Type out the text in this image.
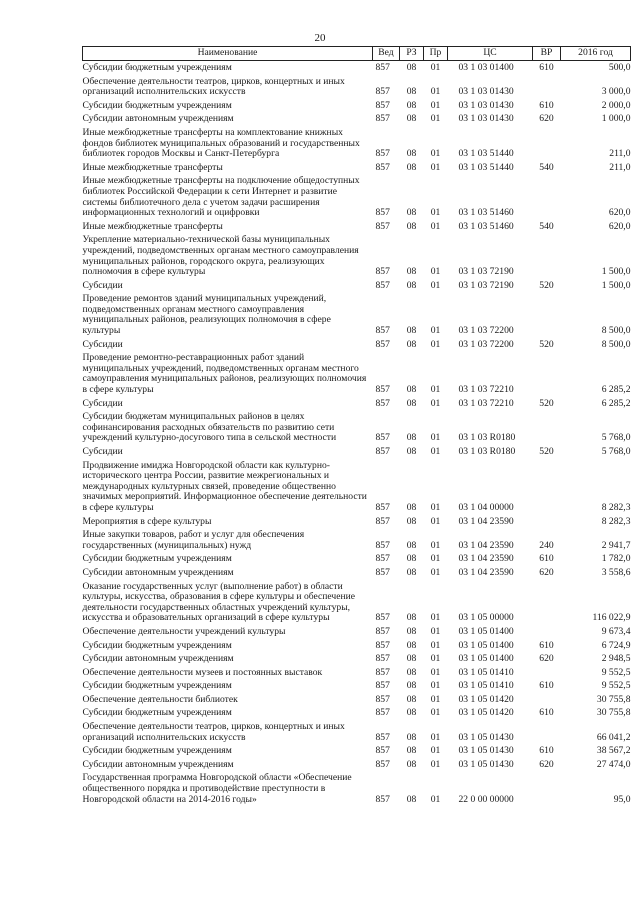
20
Наименование	Вед	РЗ	Пр	ЦС	ВР	2016 год
Субсидии бюджетным учреждениям	857	08	01	03 1 03 01400	610	500,0
Обеспечение деятельности театров, цирков, концертных и иных организаций исполнительских искусств	857	08	01	03 1 03 01430		3 000,0
Субсидии бюджетным учреждениям	857	08	01	03 1 03 01430	610	2 000,0
Субсидии автономным учреждениям	857	08	01	03 1 03 01430	620	1 000,0
Иные межбюджетные трансферты на комплектование книжных фондов библиотек муниципальных образований и государственных библиотек городов Москвы и Санкт-Петербурга	857	08	01	03 1 03 51440		211,0
Иные межбюджетные трансферты	857	08	01	03 1 03 51440	540	211,0
Иные межбюджетные трансферты на подключение общедоступных библиотек Российской Федерации к сети Интернет и развитие системы библиотечного дела с учетом задачи расширения информационных технологий и оцифровки	857	08	01	03 1 03 51460		620,0
Иные межбюджетные трансферты	857	08	01	03 1 03 51460	540	620,0
Укрепление материально-технической базы муниципальных учреждений, подведомственных органам местного самоуправления муниципальных районов, городского округа, реализующих полномочия в сфере культуры	857	08	01	03 1 03 72190		1 500,0
Субсидии	857	08	01	03 1 03 72190	520	1 500,0
Проведение ремонтов зданий муниципальных учреждений, подведомственных органам местного самоуправления муниципальных районов, реализующих полномочия в сфере культуры	857	08	01	03 1 03 72200		8 500,0
Субсидии	857	08	01	03 1 03 72200	520	8 500,0
Проведение ремонтно-реставрационных работ зданий муниципальных учреждений, подведомственных органам местного самоуправления муниципальных районов, реализующих полномочия в сфере культуры	857	08	01	03 1 03 72210		6 285,2
Субсидии	857	08	01	03 1 03 72210	520	6 285,2
Субсидии бюджетам муниципальных районов в целях софинансирования расходных обязательств по развитию сети учреждений культурно-досугового типа в сельской местности	857	08	01	03 1 03 R0180		5 768,0
Субсидии	857	08	01	03 1 03 R0180	520	5 768,0
Продвижение имиджа Новгородской области как культурно-исторического центра России, развитие межрегиональных и международных культурных связей, проведение общественно значимых мероприятий. Информационное обеспечение деятельности в сфере культуры	857	08	01	03 1 04 00000		8 282,3
Мероприятия в сфере культуры	857	08	01	03 1 04 23590		8 282,3
Иные закупки товаров, работ и услуг для обеспечения государственных (муниципальных) нужд	857	08	01	03 1 04 23590	240	2 941,7
Субсидии бюджетным учреждениям	857	08	01	03 1 04 23590	610	1 782,0
Субсидии автономным учреждениям	857	08	01	03 1 04 23590	620	3 558,6
Оказание государственных услуг (выполнение работ) в области культуры, искусства, образования в сфере культуры и обеспечение деятельности государственных областных учреждений культуры, искусства и образовательных организаций в сфере культуры	857	08	01	03 1 05 00000		116 022,9
Обеспечение деятельности учреждений культуры	857	08	01	03 1 05 01400		9 673,4
Субсидии бюджетным учреждениям	857	08	01	03 1 05 01400	610	6 724,9
Субсидии автономным учреждениям	857	08	01	03 1 05 01400	620	2 948,5
Обеспечение деятельности музеев и постоянных выставок	857	08	01	03 1 05 01410		9 552,5
Субсидии бюджетным учреждениям	857	08	01	03 1 05 01410	610	9 552,5
Обеспечение деятельности библиотек	857	08	01	03 1 05 01420		30 755,8
Субсидии бюджетным учреждениям	857	08	01	03 1 05 01420	610	30 755,8
Обеспечение деятельности театров, цирков, концертных и иных организаций исполнительских искусств	857	08	01	03 1 05 01430		66 041,2
Субсидии бюджетным учреждениям	857	08	01	03 1 05 01430	610	38 567,2
Субсидии автономным учреждениям	857	08	01	03 1 05 01430	620	27 474,0
Государственная программа Новгородской области «Обеспечение общественного порядка и противодействие преступности в Новгородской области на 2014-2016 годы»	857	08	01	22 0 00 00000		95,0
